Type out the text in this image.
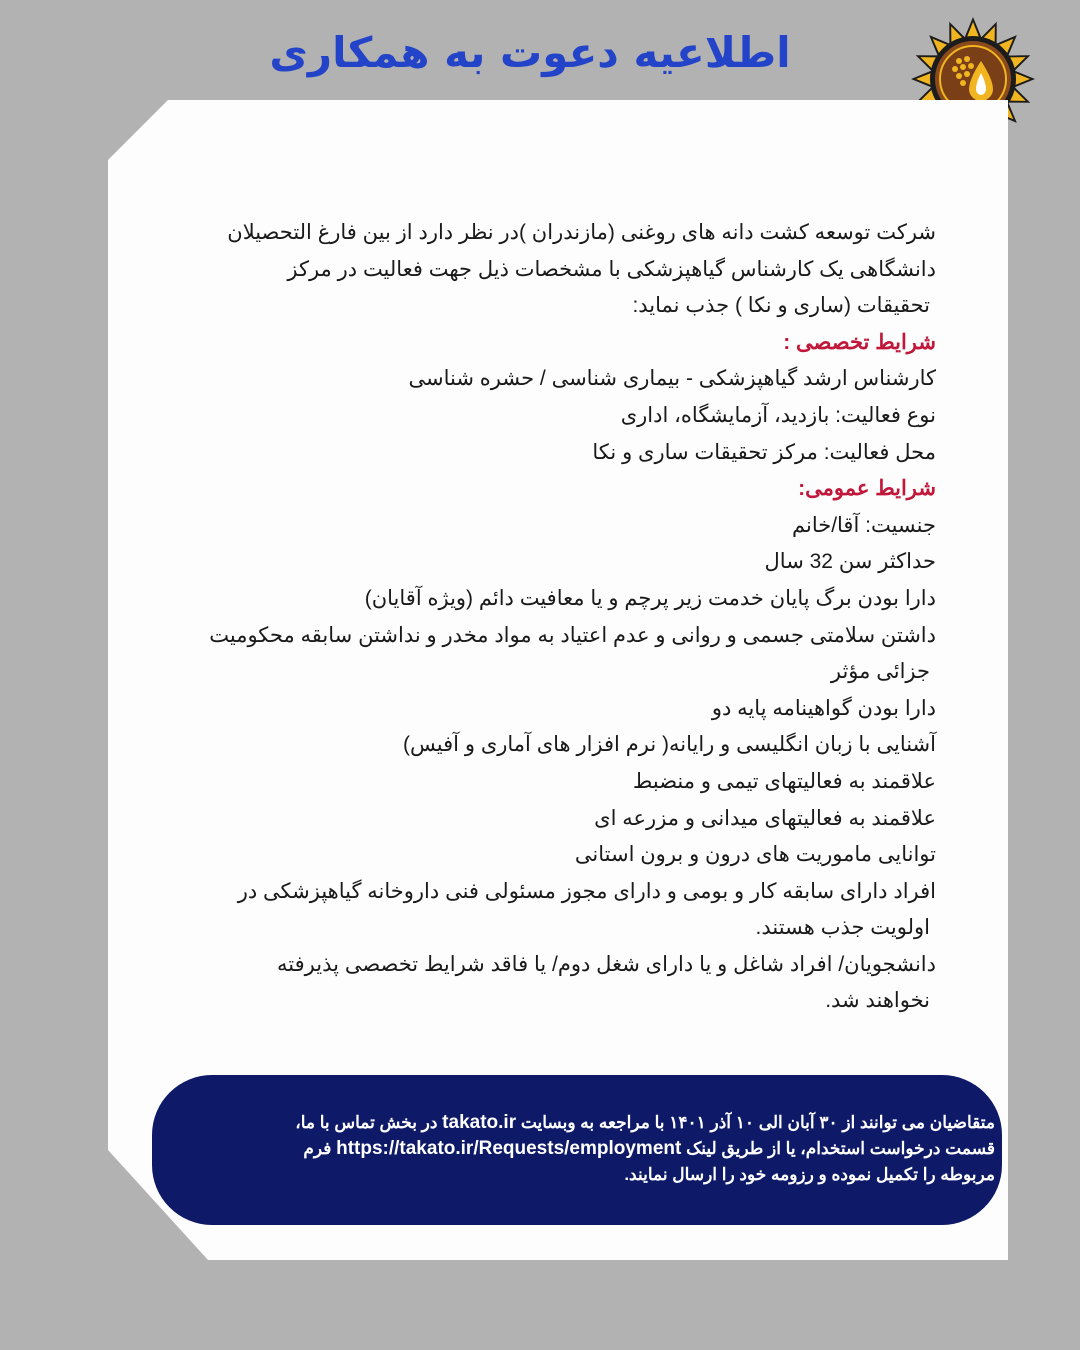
اطلاعیه دعوت به همکاری
شرکت توسعه کشت دانه های روغنی (مازندران )در نظر دارد از بین فارغ التحصیلان
دانشگاهی یک کارشناس گیاهپزشکی با مشخصات ذیل جهت فعالیت در مرکز
تحقیقات (ساری و نکا ) جذب نماید:
شرایط تخصصی :
کارشناس ارشد گیاهپزشکی - بیماری شناسی / حشره شناسی
نوع فعالیت: بازدید، آزمایشگاه، اداری
محل فعالیت: مرکز تحقیقات ساری و نکا
شرایط عمومی:
جنسیت: آقا/خانم
حداکثر سن 32 سال
دارا بودن برگ پایان خدمت زیر پرچم و یا معافیت دائم (ویژه آقایان)
داشتن سلامتی جسمی و روانی و عدم اعتیاد به مواد مخدر و نداشتن سابقه محکومیت
جزائی مؤثر
دارا بودن گواهینامه پایه دو
آشنایی با زبان انگلیسی و رایانه( نرم افزار های آماری و آفیس)
علاقمند به فعالیتهای تیمی و منضبط
علاقمند به فعالیتهای میدانی و مزرعه ای
توانایی ماموریت های درون و برون استانی
افراد دارای سابقه کار و بومی و دارای مجوز مسئولی فنی داروخانه گیاهپزشکی در
اولویت جذب هستند.
دانشجویان/ افراد شاغل و یا دارای شغل دوم/ یا فاقد شرایط تخصصی پذیرفته
نخواهند شد.
متقاضیان می توانند از ۳۰ آبان الی ۱۰ آذر ۱۴۰۱ با مراجعه به وبسایت takato.ir در بخش تماس با ما،
قسمت درخواست استخدام، یا از طریق لینک https://takato.ir/Requests/employment فرم
مربوطه را تکمیل نموده و رزومه خود را ارسال نمایند.
